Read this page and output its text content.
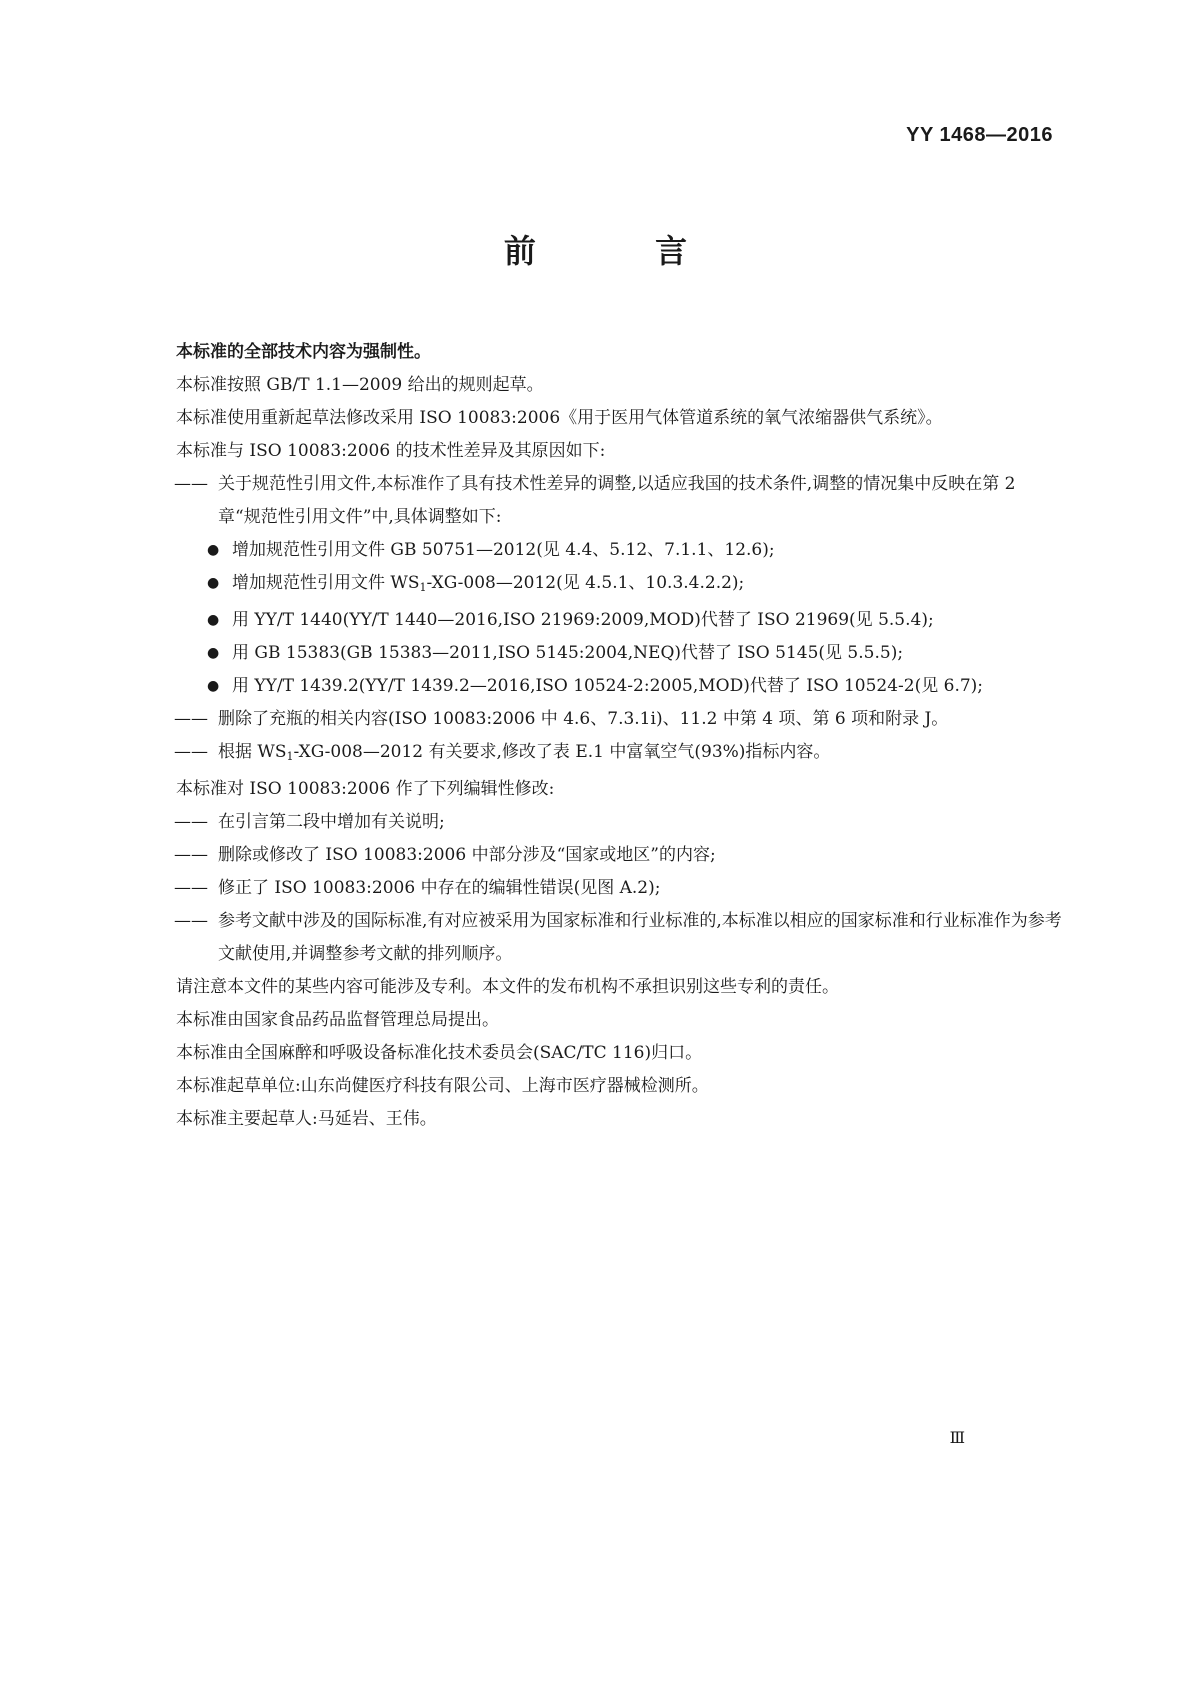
YY 1468—2016
前 言

本标准的全部技术内容为强制性。

本标准按照 GB/T 1.1—2009 给出的规则起草。

本标准使用重新起草法修改采用 ISO 10083:2006《用于医用气体管道系统的氧气浓缩器供气系统》。

本标准与 ISO 10083:2006 的技术性差异及其原因如下:

—— 关于规范性引用文件,本标准作了具有技术性差异的调整,以适应我国的技术条件,调整的情况集中反映在第 2 章“规范性引用文件”中,具体调整如下:

● 增加规范性引用文件 GB 50751—2012(见 4.4、5.12、7.1.1、12.6);

● 增加规范性引用文件 $WS_1-XG-008—2012$(见 4.5.1、10.3.4.2.2);

● 用 YY/T 1440(YY/T 1440—2016,ISO 21969:2009,MOD)代替了 ISO 21969(见 5.5.4);

● 用 GB 15383(GB 15383—2011,ISO 5145:2004,NEQ)代替了 ISO 5145(见 5.5.5);

● 用 YY/T 1439.2(YY/T 1439.2—2016,ISO 10524-2:2005,MOD)代替了 ISO 10524-2(见 6.7);

—— 删除了充瓶的相关内容(ISO 10083:2006 中 4.6、7.3.1i)、11.2 中第 4 项、第 6 项和附录 J。

—— 根据 $WS_1-XG-008—2012$ 有关要求,修改了表 E.1 中富氧空气(93%)指标内容。

本标准对 ISO 10083:2006 作了下列编辑性修改:

—— 在引言第二段中增加有关说明;

—— 删除或修改了 ISO 10083:2006 中部分涉及“国家或地区”的内容;

—— 修正了 ISO 10083:2006 中存在的编辑性错误(见图 A.2);

—— 参考文献中涉及的国际标准,有对应被采用为国家标准和行业标准的,本标准以相应的国家标准和行业标准作为参考文献使用,并调整参考文献的排列顺序。

请注意本文件的某些内容可能涉及专利。本文件的发布机构不承担识别这些专利的责任。

本标准由国家食品药品监督管理总局提出。

本标准由全国麻醉和呼吸设备标准化技术委员会(SAC/TC 116)归口。

本标准起草单位:山东尚健医疗科技有限公司、上海市医疗器械检测所。

本标准主要起草人:马延岩、王伟。

Ⅲ
